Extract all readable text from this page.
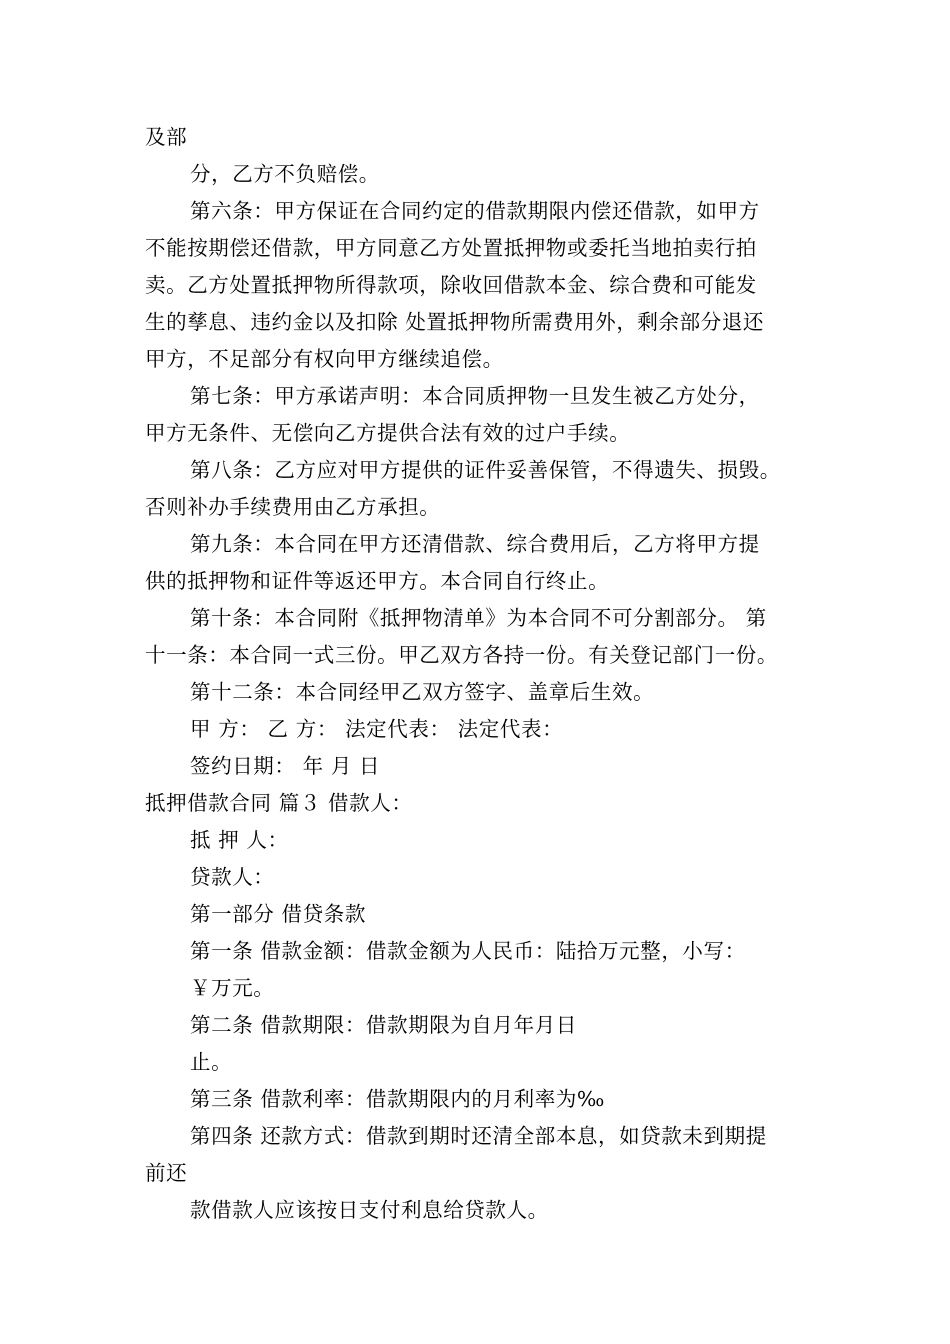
及部
分，乙方不负赔偿。
第六条：甲方保证在合同约定的借款期限内偿还借款，如甲方
不能按期偿还借款，甲方同意乙方处置抵押物或委托当地拍卖行拍
卖。乙方处置抵押物所得款项，除收回借款本金、综合费和可能发
生的孳息、违约金以及扣除 处置抵押物所需费用外，剩余部分退还
甲方，不足部分有权向甲方继续追偿。
第七条：甲方承诺声明：本合同质押物一旦发生被乙方处分，
甲方无条件、无偿向乙方提供合法有效的过户手续。
第八条：乙方应对甲方提供的证件妥善保管，不得遗失、损毁。
否则补办手续费用由乙方承担。
第九条：本合同在甲方还清借款、综合费用后，乙方将甲方提
供的抵押物和证件等返还甲方。本合同自行终止。
第十条：本合同附《抵押物清单》为本合同不可分割部分。 第
十一条：本合同一式三份。甲乙双方各持一份。有关登记部门一份。
第十二条：本合同经甲乙双方签字、盖章后生效。
甲 方： 乙 方： 法定代表： 法定代表：
签约日期： 年 月 日
抵押借款合同 篇３ 借款人：
抵 押 人：
贷款人：
第一部分 借贷条款
第一条 借款金额：借款金额为人民币：陆拾万元整，小写：
￥万元。
第二条 借款期限：借款期限为自月年月日
止。
第三条 借款利率：借款期限内的月利率为‰
第四条 还款方式：借款到期时还清全部本息，如贷款未到期提
前还
款借款人应该按日支付利息给贷款人。
